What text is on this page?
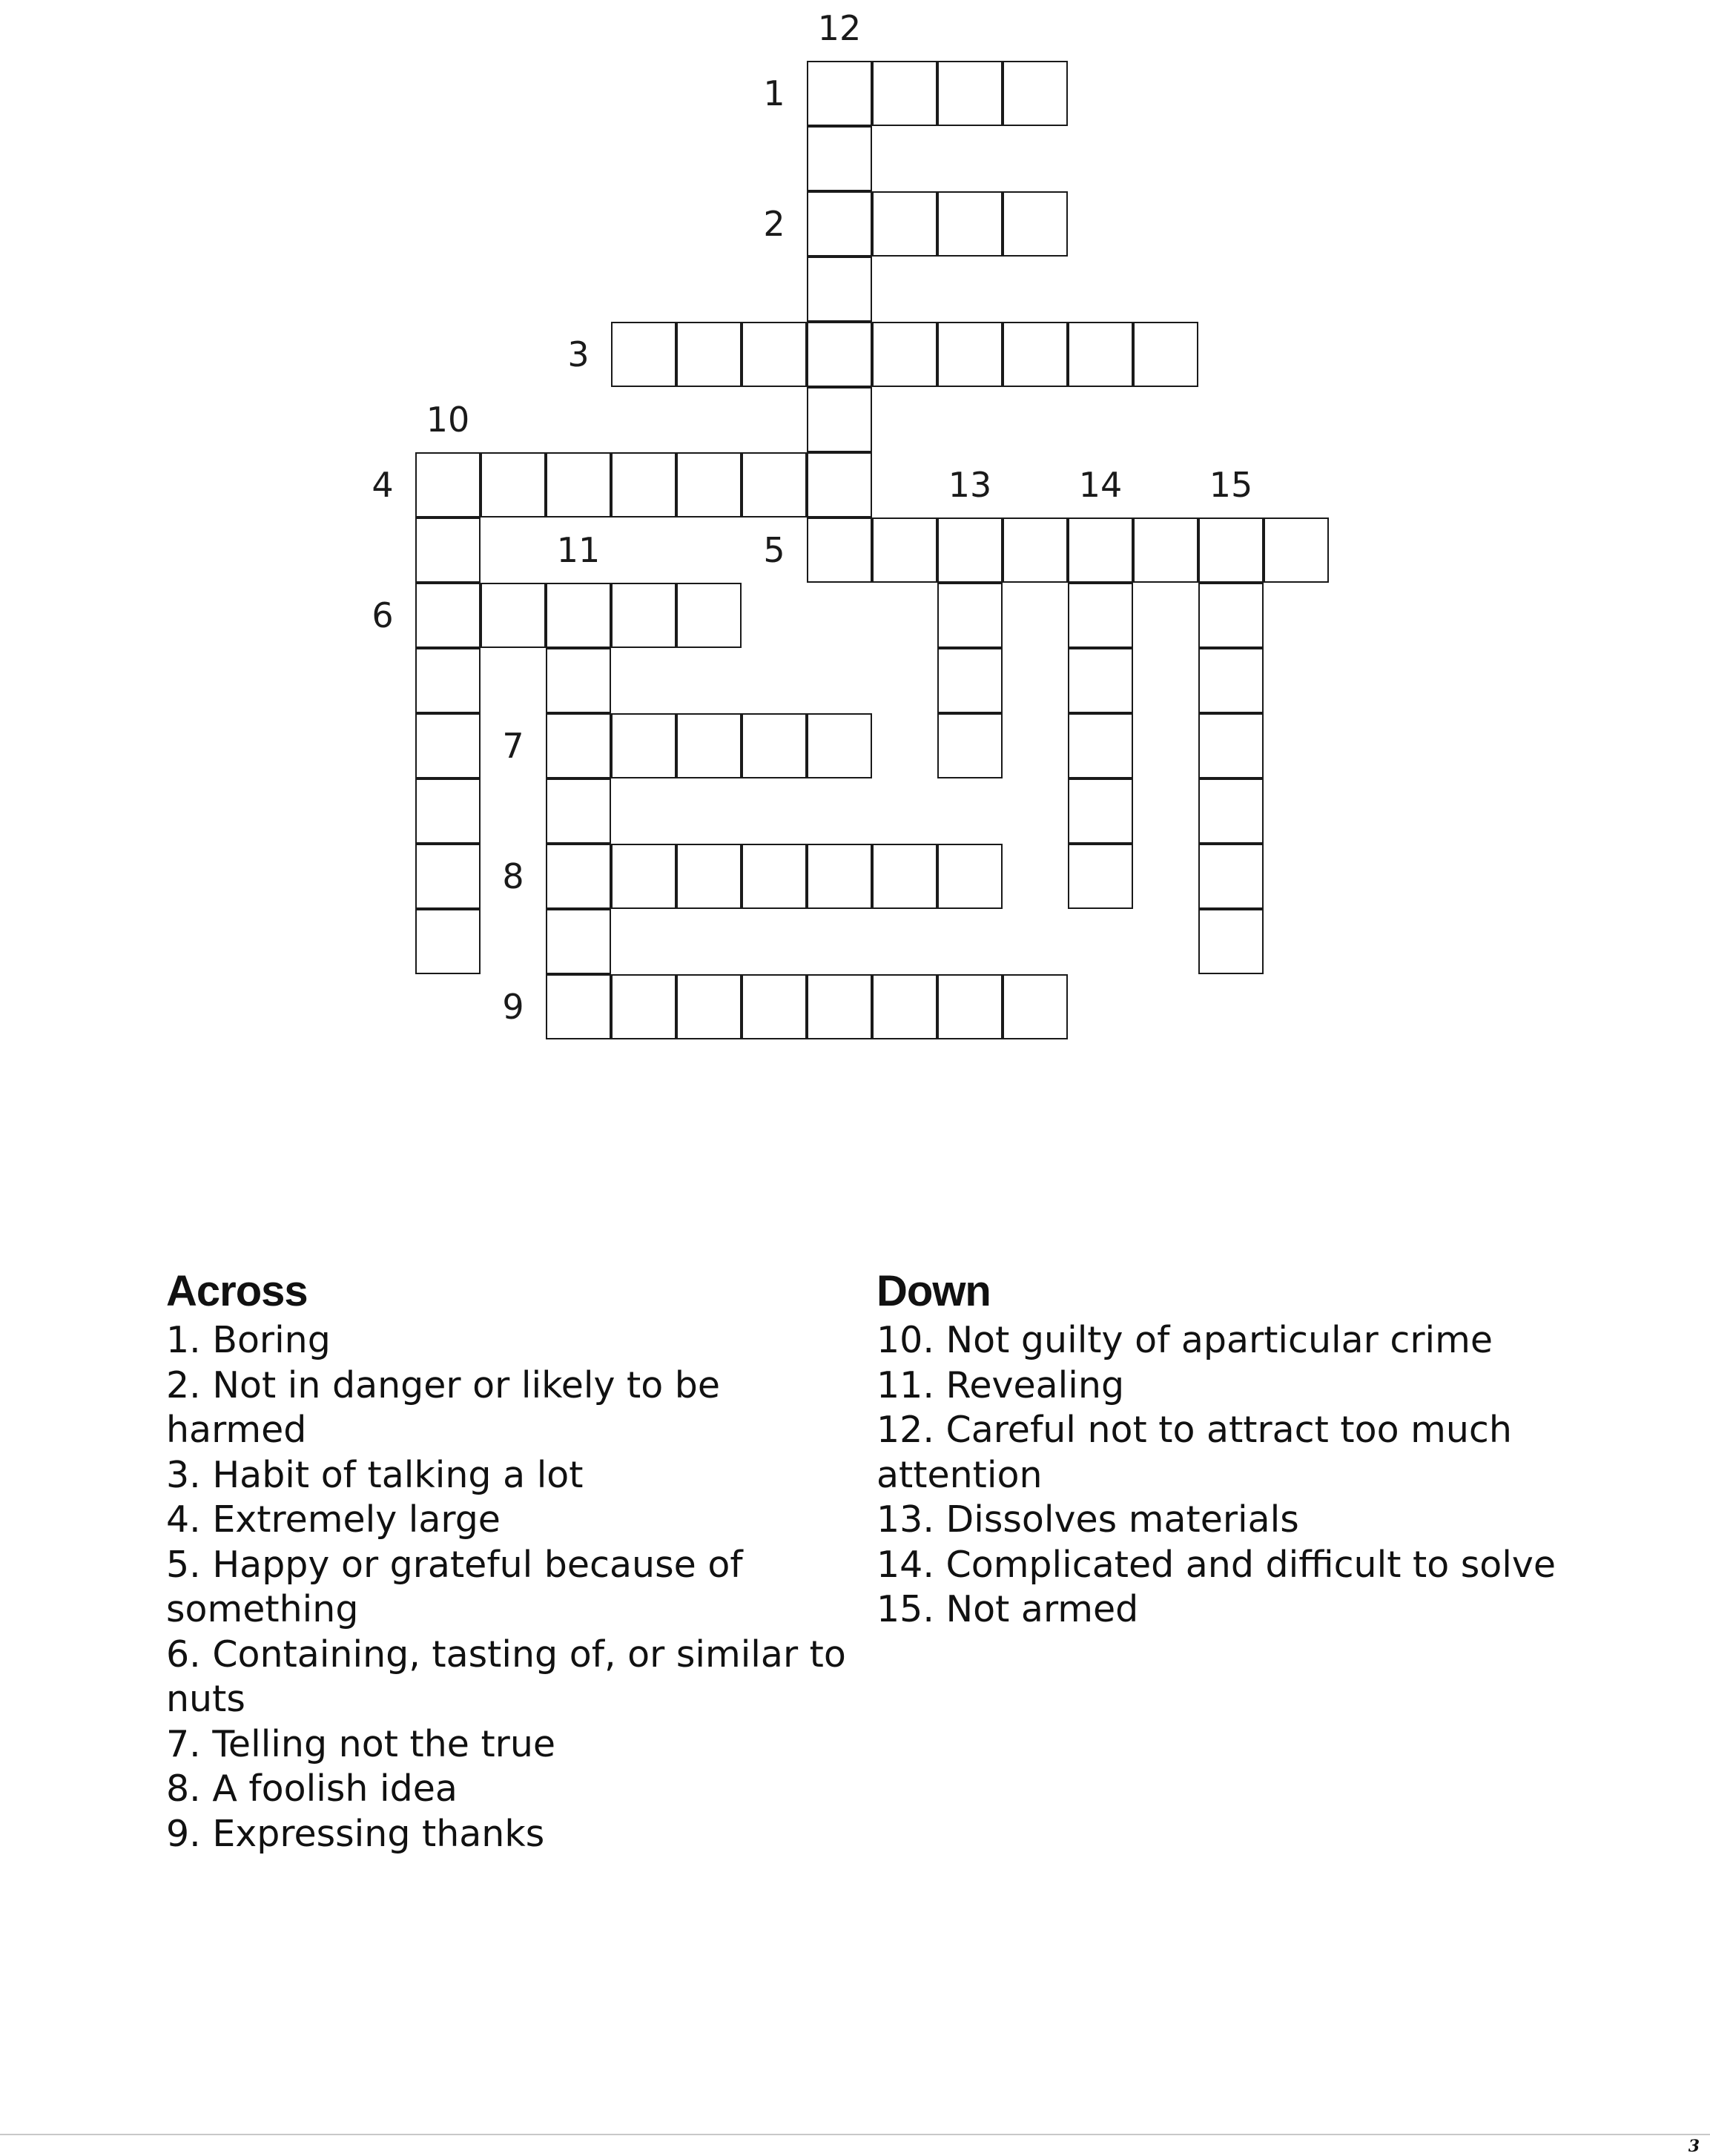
1
2
3
4
5
6
7
8
9
10
11
12
13	14	15
Across
1. Boring
2. Not in danger or likely to be harmed
3. Habit of talking a lot
4. Extremely large
5. Happy or grateful because of something
6. Containing, tasting of, or similar to nuts
7. Telling not the true
8. A foolish idea
9. Expressing thanks
Down
10. Not guilty of aparticular crime
11. Revealing
12. Careful not to attract too much attention
13. Dissolves materials
14. Complicated and difficult to solve
15. Not armed
3
